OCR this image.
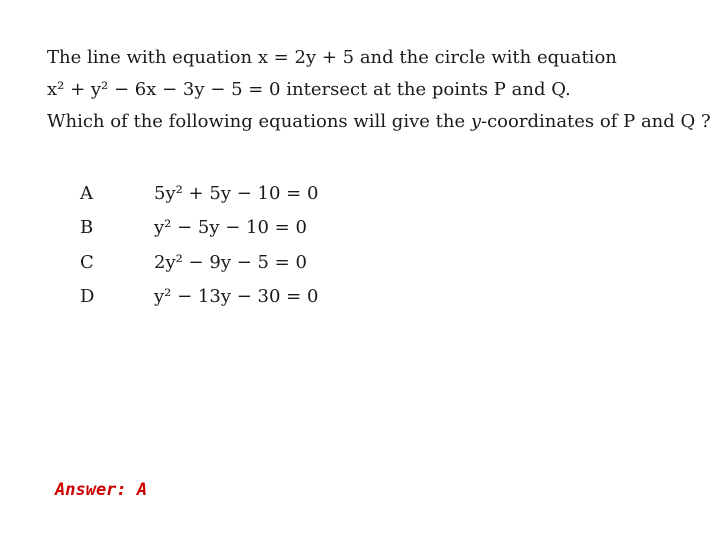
The line with equation x = 2y + 5 and the circle with equation
x² + y² − 6x − 3y − 5 = 0 intersect at the points P and Q.
Which of the following equations will give the y-coordinates of P and Q ?
A	5y² + 5y − 10 = 0
B	y² − 5y − 10 = 0
C	2y² − 9y − 5 = 0
D	y² − 13y − 30 = 0
Answer: A
